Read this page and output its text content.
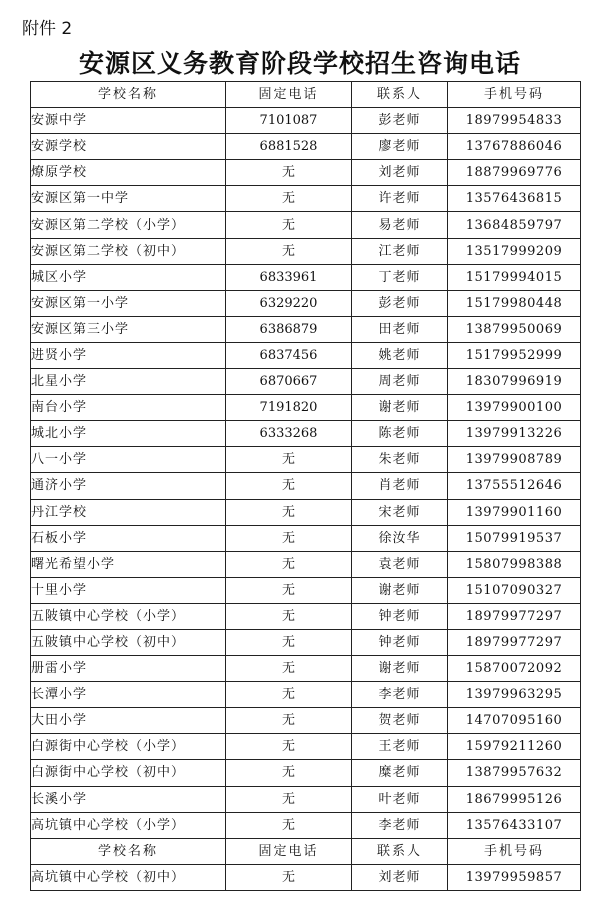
附件 2
安源区义务教育阶段学校招生咨询电话
学校名称	固定电话	联系人	手机号码
安源中学	7101087	彭老师	18979954833
安源学校	6881528	廖老师	13767886046
燎原学校	无	刘老师	18879969776
安源区第一中学	无	许老师	13576436815
安源区第二学校（小学）	无	易老师	13684859797
安源区第二学校（初中）	无	江老师	13517999209
城区小学	6833961	丁老师	15179994015
安源区第一小学	6329220	彭老师	15179980448
安源区第三小学	6386879	田老师	13879950069
进贤小学	6837456	姚老师	15179952999
北星小学	6870667	周老师	18307996919
南台小学	7191820	谢老师	13979900100
城北小学	6333268	陈老师	13979913226
八一小学	无	朱老师	13979908789
通济小学	无	肖老师	13755512646
丹江学校	无	宋老师	13979901160
石板小学	无	徐汝华	15079919537
曙光希望小学	无	袁老师	15807998388
十里小学	无	谢老师	15107090327
五陂镇中心学校（小学）	无	钟老师	18979977297
五陂镇中心学校（初中）	无	钟老师	18979977297
册雷小学	无	谢老师	15870072092
长潭小学	无	李老师	13979963295
大田小学	无	贺老师	14707095160
白源街中心学校（小学）	无	王老师	15979211260
白源街中心学校（初中）	无	糜老师	13879957632
长溪小学	无	叶老师	18679995126
高坑镇中心学校（小学）	无	李老师	13576433107
学校名称	固定电话	联系人	手机号码
高坑镇中心学校（初中）	无	刘老师	13979959857
